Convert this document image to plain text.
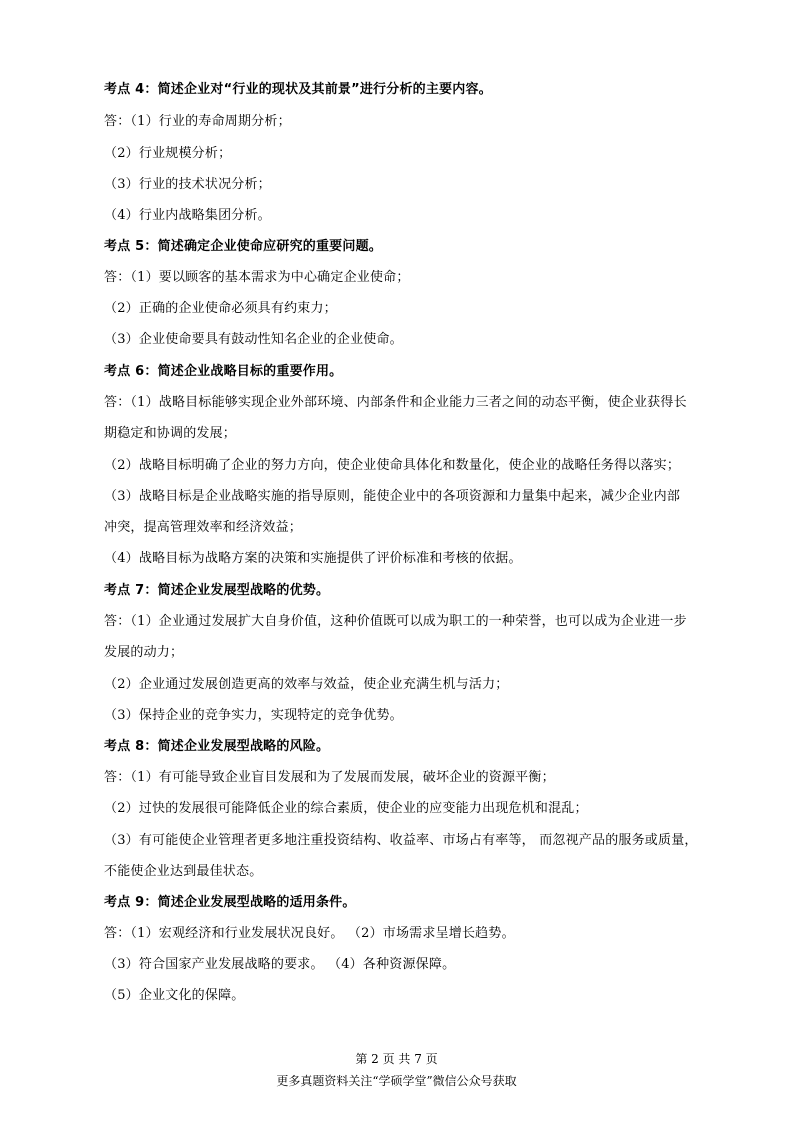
考点 4：简述企业对“行业的现状及其前景”进行分析的主要内容。
答：（1）行业的寿命周期分析；
（2）行业规模分析；
（3）行业的技术状况分析；
（4）行业内战略集团分析。
考点 5：简述确定企业使命应研究的重要问题。
答：（1）要以顾客的基本需求为中心确定企业使命；
（2）正确的企业使命必须具有约束力；
（3）企业使命要具有鼓动性知名企业的企业使命。
考点 6：简述企业战略目标的重要作用。
答：（1）战略目标能够实现企业外部环境、内部条件和企业能力三者之间的动态平衡，使企业获得长
期稳定和协调的发展；
（2）战略目标明确了企业的努力方向，使企业使命具体化和数量化，使企业的战略任务得以落实；
（3）战略目标是企业战略实施的指导原则，能使企业中的各项资源和力量集中起来，减少企业内部
冲突，提高管理效率和经济效益；
（4）战略目标为战略方案的决策和实施提供了评价标准和考核的依据。
考点 7：简述企业发展型战略的优势。
答：（1）企业通过发展扩大自身价值，这种价值既可以成为职工的一种荣誉，也可以成为企业进一步
发展的动力；
（2）企业通过发展创造更高的效率与效益，使企业充满生机与活力；
（3）保持企业的竞争实力，实现特定的竞争优势。
考点 8：简述企业发展型战略的风险。
答：（1）有可能导致企业盲目发展和为了发展而发展，破坏企业的资源平衡；
（2）过快的发展很可能降低企业的综合素质，使企业的应变能力出现危机和混乱；
（3）有可能使企业管理者更多地注重投资结构、收益率、市场占有率等， 而忽视产品的服务或质量，
不能使企业达到最佳状态。
考点 9：简述企业发展型战略的适用条件。
答：（1）宏观经济和行业发展状况良好。 （2）市场需求呈增长趋势。
（3）符合国家产业发展战略的要求。 （4）各种资源保障。
（5）企业文化的保障。
第 2 页 共 7 页
更多真题资料关注“学硕学堂”微信公众号获取
